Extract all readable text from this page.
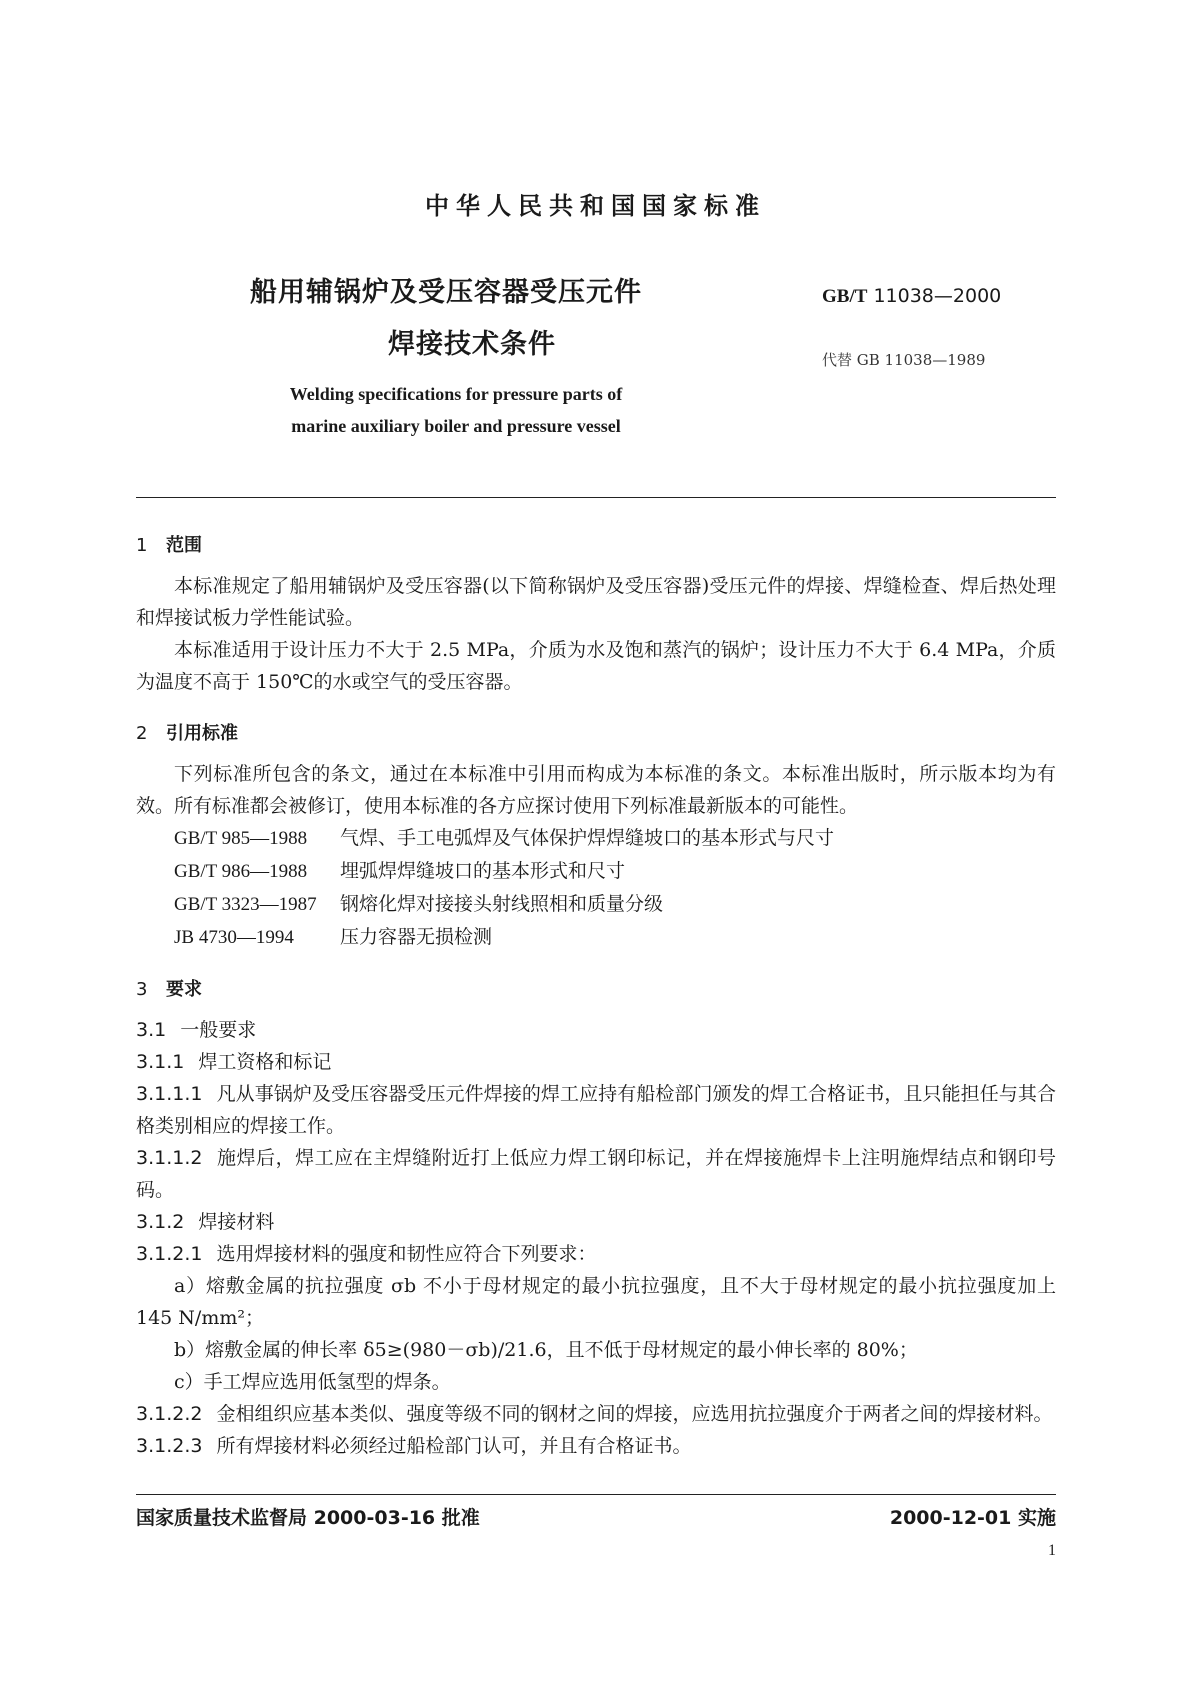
中华人民共和国国家标准
船用辅锅炉及受压容器受压元件
焊接技术条件
GB/T 11038—2000
代替 GB 11038—1989
Welding specifications for pressure parts of
marine auxiliary boiler and pressure vessel
1 范围

本标准规定了船用辅锅炉及受压容器(以下简称锅炉及受压容器)受压元件的焊接、焊缝检查、焊后热处理和焊接试板力学性能试验。

本标准适用于设计压力不大于 2.5 MPa，介质为水及饱和蒸汽的锅炉；设计压力不大于 6.4 MPa，介质为温度不高于 150℃的水或空气的受压容器。

2 引用标准

下列标准所包含的条文，通过在本标准中引用而构成为本标准的条文。本标准出版时，所示版本均为有效。所有标准都会被修订，使用本标准的各方应探讨使用下列标准最新版本的可能性。

GB/T 985—1988 气焊、手工电弧焊及气体保护焊焊缝坡口的基本形式与尺寸

GB/T 986—1988 埋弧焊焊缝坡口的基本形式和尺寸

GB/T 3323—1987 钢熔化焊对接接头射线照相和质量分级

JB 4730—1994 压力容器无损检测

3 要求

3.1 一般要求

3.1.1 焊工资格和标记

3.1.1.1 凡从事锅炉及受压容器受压元件焊接的焊工应持有船检部门颁发的焊工合格证书，且只能担任与其合格类别相应的焊接工作。

3.1.1.2 施焊后，焊工应在主焊缝附近打上低应力焊工钢印标记，并在焊接施焊卡上注明施焊结点和钢印号码。

3.1.2 焊接材料

3.1.2.1 选用焊接材料的强度和韧性应符合下列要求：

a）熔敷金属的抗拉强度 σb 不小于母材规定的最小抗拉强度，且不大于母材规定的最小抗拉强度加上 145 N/mm²；

b）熔敷金属的伸长率 δ5≥(980－σb)/21.6，且不低于母材规定的最小伸长率的 80%；

c）手工焊应选用低氢型的焊条。

3.1.2.2 金相组织应基本类似、强度等级不同的钢材之间的焊接，应选用抗拉强度介于两者之间的焊接材料。

3.1.2.3 所有焊接材料必须经过船检部门认可，并且有合格证书。

国家质量技术监督局 2000-03-16 批准	2000-12-01 实施
1
